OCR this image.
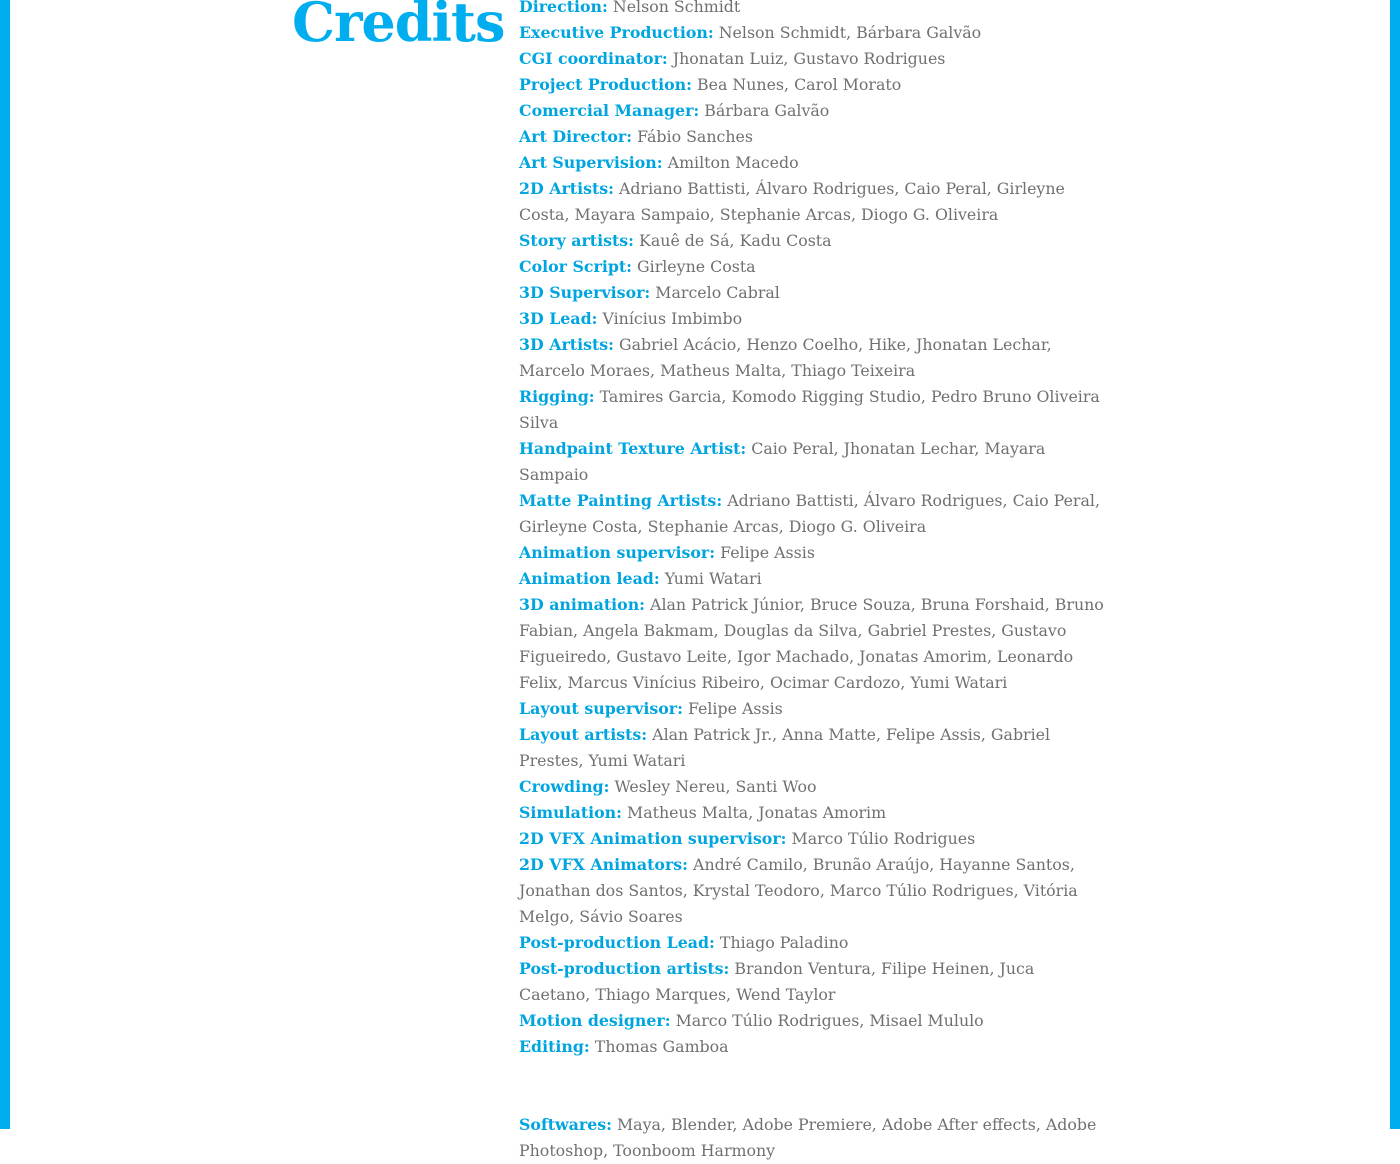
Credits Direction: Nelson Schmidt

Executive Production: Nelson Schmidt, Bárbara Galvão

CGI coordinator: Jhonatan Luiz, Gustavo Rodrigues

Project Production: Bea Nunes, Carol Morato

Comercial Manager: Bárbara Galvão

Art Director: Fábio Sanches

Art Supervision: Amilton Macedo

2D Artists: Adriano Battisti, Álvaro Rodrigues, Caio Peral, Girleyne Costa, Mayara Sampaio, Stephanie Arcas, Diogo G. Oliveira

Story artists: Kauê de Sá, Kadu Costa

Color Script: Girleyne Costa

3D Supervisor: Marcelo Cabral

3D Lead: Vinícius Imbimbo

3D Artists: Gabriel Acácio, Henzo Coelho, Hike, Jhonatan Lechar, Marcelo Moraes, Matheus Malta, Thiago Teixeira

Rigging: Tamires Garcia, Komodo Rigging Studio, Pedro Bruno Oliveira Silva

Handpaint Texture Artist: Caio Peral, Jhonatan Lechar, Mayara Sampaio

Matte Painting Artists: Adriano Battisti, Álvaro Rodrigues, Caio Peral, Girleyne Costa, Stephanie Arcas, Diogo G. Oliveira

Animation supervisor: Felipe Assis

Animation lead: Yumi Watari

3D animation: Alan Patrick Júnior, Bruce Souza, Bruna Forshaid, Bruno Fabian, Angela Bakmam, Douglas da Silva, Gabriel Prestes, Gustavo Figueiredo, Gustavo Leite, Igor Machado, Jonatas Amorim, Leonardo Felix, Marcus Vinícius Ribeiro, Ocimar Cardozo, Yumi Watari

Layout supervisor: Felipe Assis

Layout artists: Alan Patrick Jr., Anna Matte, Felipe Assis, Gabriel Prestes, Yumi Watari

Crowding: Wesley Nereu, Santi Woo

Simulation: Matheus Malta, Jonatas Amorim

2D VFX Animation supervisor: Marco Túlio Rodrigues

2D VFX Animators: André Camilo, Brunão Araújo, Hayanne Santos, Jonathan dos Santos, Krystal Teodoro, Marco Túlio Rodrigues, Vitória Melgo, Sávio Soares

Post-production Lead: Thiago Paladino

Post-production artists: Brandon Ventura, Filipe Heinen, Juca Caetano, Thiago Marques, Wend Taylor

Motion designer: Marco Túlio Rodrigues, Misael Mululo

Editing: Thomas Gamboa

Softwares: Maya, Blender, Adobe Premiere, Adobe After effects, Adobe Photoshop, Toonboom Harmony
